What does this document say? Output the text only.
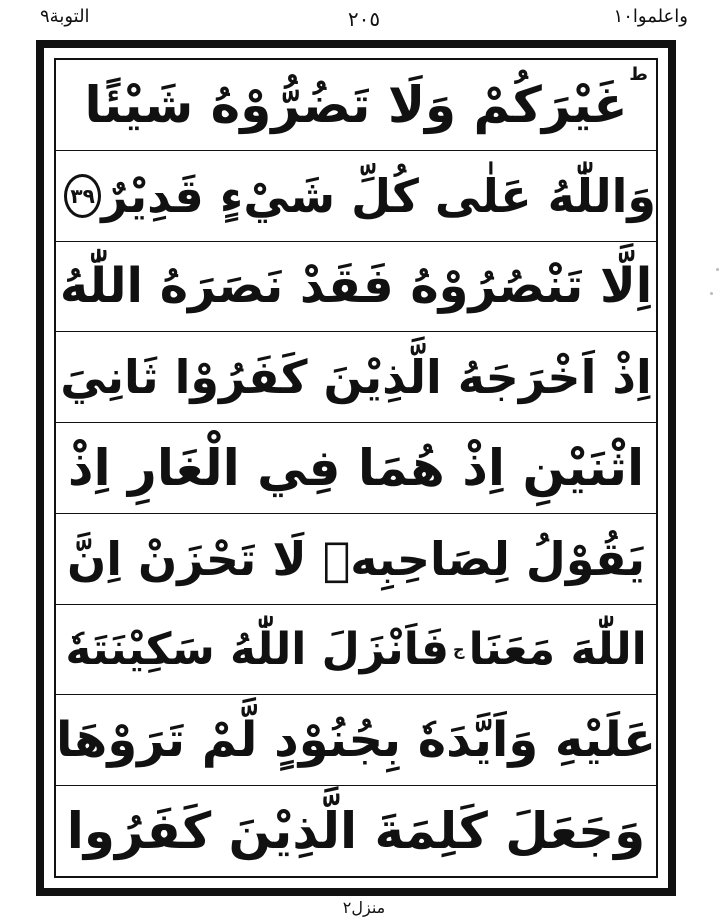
واعلموا١٠
٢٠٥
التوبة٩
غَيْرَكُمْ وَلَا تَضُرُّوْهُ شَيْئًا
ط
وَاللّٰهُ عَلٰى كُلِّ شَيْءٍ قَدِيْرٌ
٣٩
اِلَّا تَنْصُرُوْهُ فَقَدْ نَصَرَهُ اللّٰهُ
اِذْ اَخْرَجَهُ الَّذِيْنَ كَفَرُوْا ثَانِيَ
اثْنَيْنِ اِذْ هُمَا فِي الْغَارِ اِذْ
يَقُوْلُ لِصَاحِبِهٖ لَا تَحْزَنْ اِنَّ
اللّٰهَ مَعَنَا
ج
فَاَنْزَلَ اللّٰهُ سَكِيْنَتَهٗ
عَلَيْهِ وَاَيَّدَهٗ بِجُنُوْدٍ لَّمْ تَرَوْهَا
وَجَعَلَ كَلِمَةَ الَّذِيْنَ كَفَرُوا
منزل٢
